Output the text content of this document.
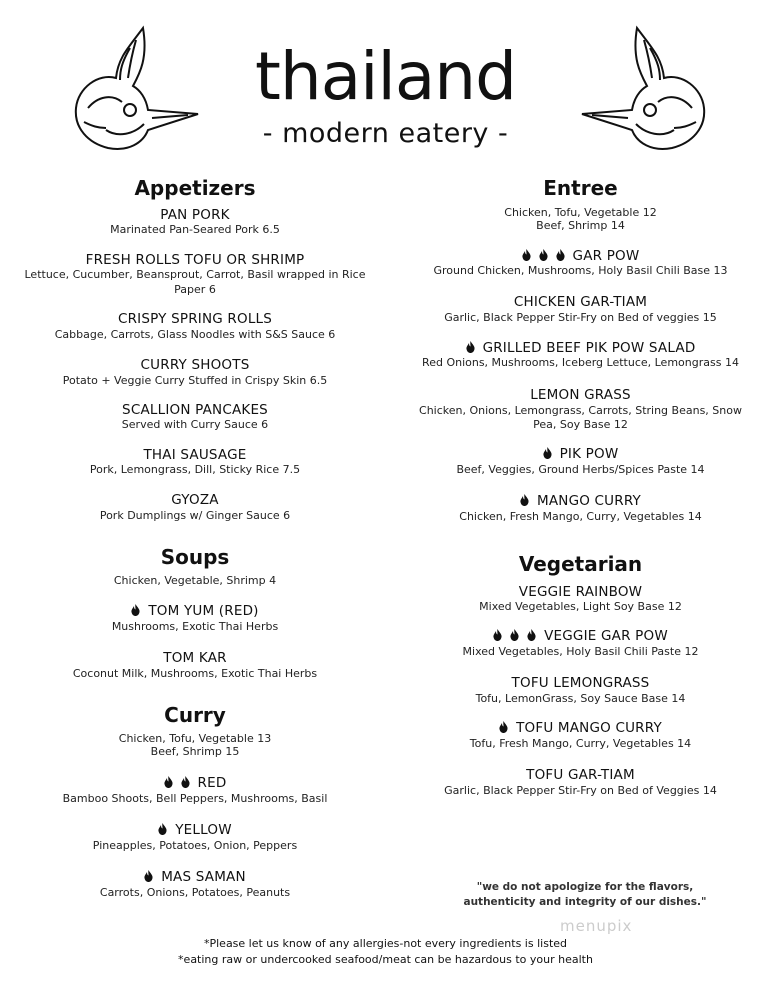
thailand
- modern eatery -
Appetizers
PAN PORK
Marinated Pan-Seared Pork 6.5
FRESH ROLLS TOFU OR SHRIMP
Lettuce, Cucumber, Beansprout, Carrot, Basil wrapped in Rice
Paper 6
CRISPY SPRING ROLLS
Cabbage, Carrots, Glass Noodles with S&S Sauce 6
CURRY SHOOTS
Potato + Veggie Curry Stuffed in Crispy Skin 6.5
SCALLION PANCAKES
Served with Curry Sauce 6
THAI SAUSAGE
Pork, Lemongrass, Dill, Sticky Rice 7.5
GYOZA
Pork Dumplings w/ Ginger Sauce 6
Soups
Chicken, Vegetable, Shrimp 4
TOM YUM (RED)
Mushrooms, Exotic Thai Herbs
TOM KAR
Coconut Milk, Mushrooms, Exotic Thai Herbs
Curry
Chicken, Tofu, Vegetable 13
Beef, Shrimp 15
RED
Bamboo Shoots, Bell Peppers, Mushrooms, Basil
YELLOW
Pineapples, Potatoes, Onion, Peppers
MAS SAMAN
Carrots, Onions, Potatoes, Peanuts
Entree
Chicken, Tofu, Vegetable 12
Beef, Shrimp 14
GAR POW
Ground Chicken, Mushrooms, Holy Basil Chili Base 13
CHICKEN GAR-TIAM
Garlic, Black Pepper Stir-Fry on Bed of veggies 15
GRILLED BEEF PIK POW SALAD
Red Onions, Mushrooms, Iceberg Lettuce, Lemongrass 14
LEMON GRASS
Chicken, Onions, Lemongrass, Carrots, String Beans, Snow
Pea, Soy Base 12
PIK POW
Beef, Veggies, Ground Herbs/Spices Paste 14
MANGO CURRY
Chicken, Fresh Mango, Curry, Vegetables 14
Vegetarian
VEGGIE RAINBOW
Mixed Vegetables, Light Soy Base 12
VEGGIE GAR POW
Mixed Vegetables, Holy Basil Chili Paste 12
TOFU LEMONGRASS
Tofu, LemonGrass, Soy Sauce Base 14
TOFU MANGO CURRY
Tofu, Fresh Mango, Curry, Vegetables 14
TOFU GAR-TIAM
Garlic, Black Pepper Stir-Fry on Bed of Veggies 14
"we do not apologize for the flavors,
authenticity and integrity of our dishes."
menupix
*Please let us know of any allergies-not every ingredients is listed
*eating raw or undercooked seafood/meat can be hazardous to your health
